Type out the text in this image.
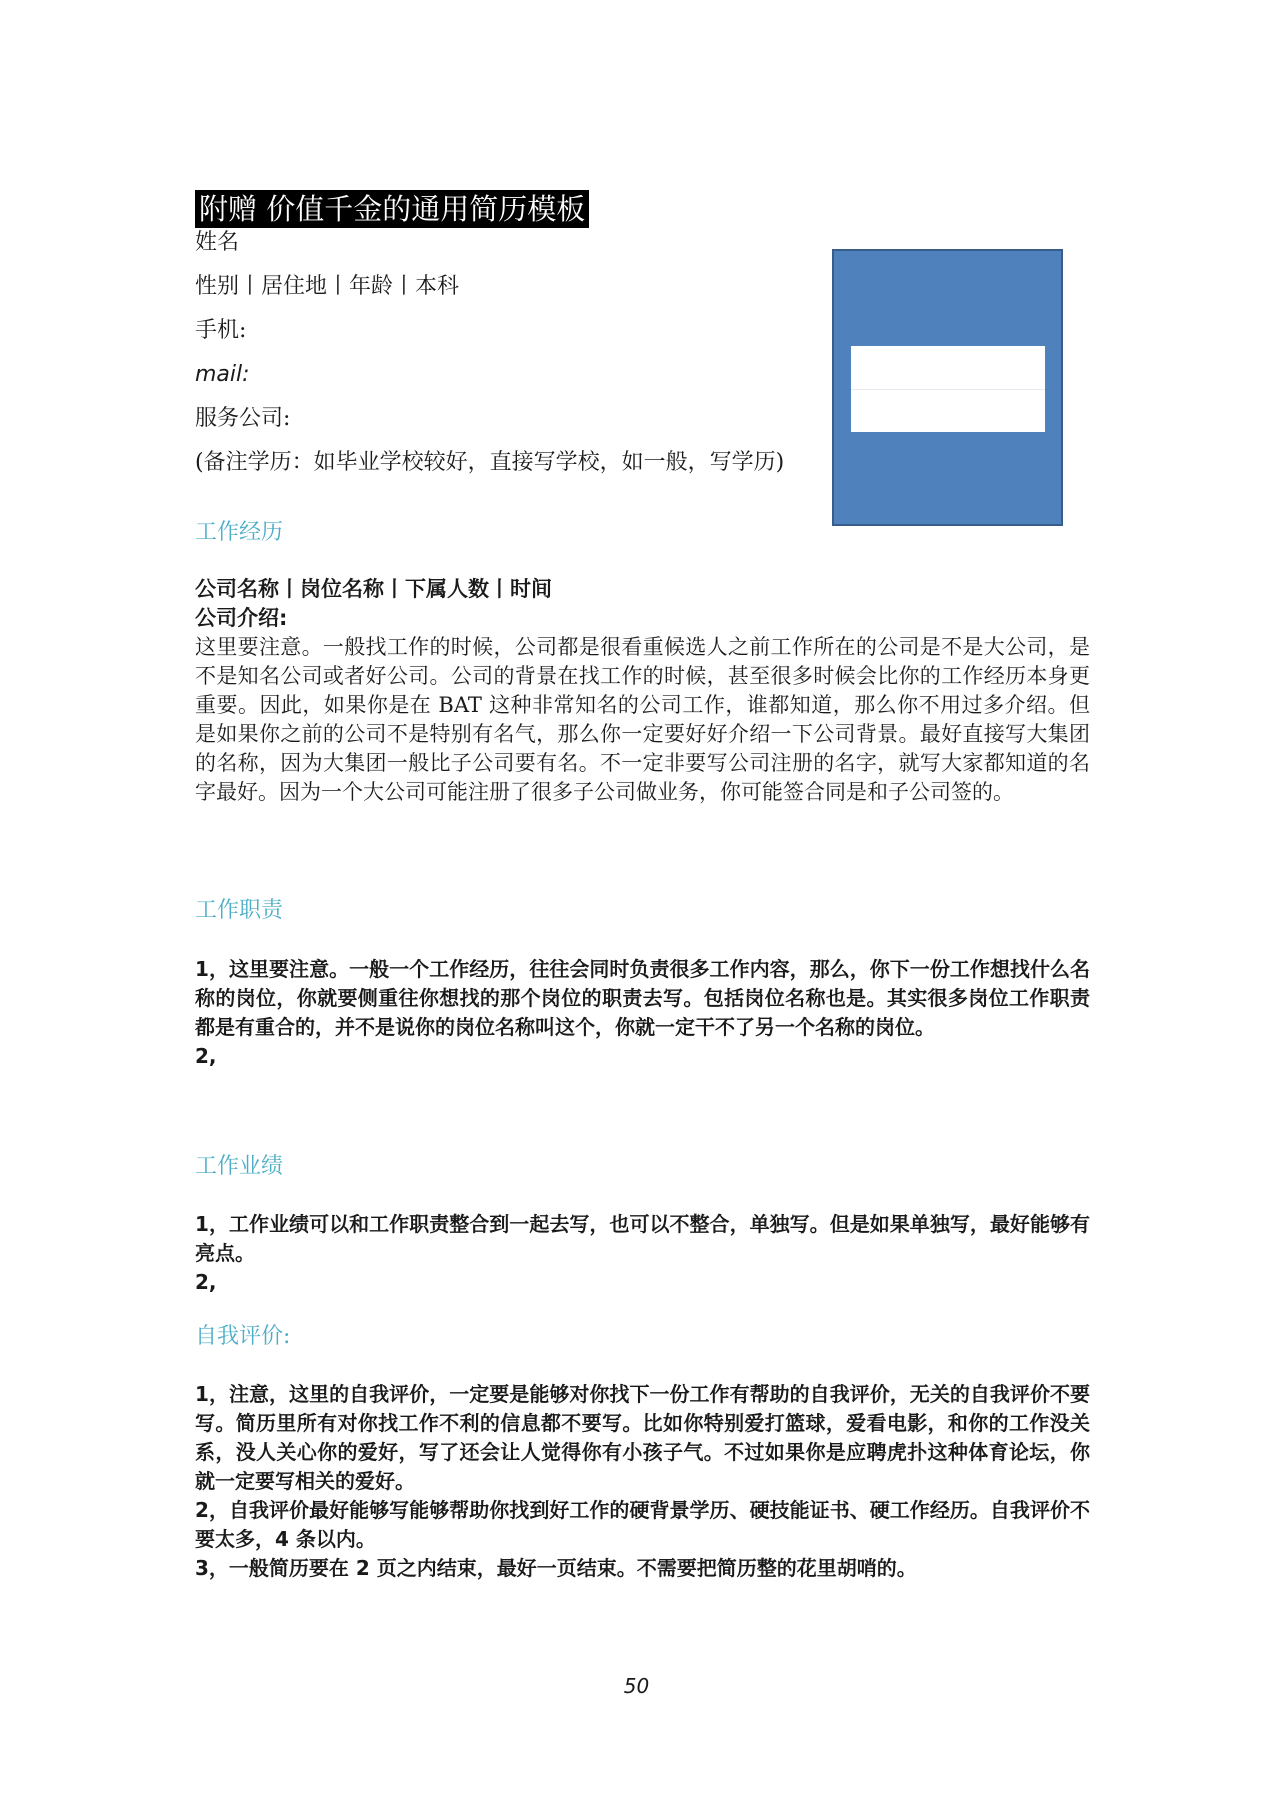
附赠 价值千金的通用简历模板
姓名
性别丨居住地丨年龄丨本科
手机:
mail:
服务公司:
(备注学历：如毕业学校较好，直接写学校，如一般，写学历)
工作经历
公司名称丨岗位名称丨下属人数丨时间
公司介绍:
这里要注意。一般找工作的时候，公司都是很看重候选人之前工作所在的公司是不是大公司，是不是知名公司或者好公司。公司的背景在找工作的时候，甚至很多时候会比你的工作经历本身更重要。因此，如果你是在 BAT 这种非常知名的公司工作，谁都知道，那么你不用过多介绍。但是如果你之前的公司不是特别有名气，那么你一定要好好介绍一下公司背景。最好直接写大集团的名称，因为大集团一般比子公司要有名。不一定非要写公司注册的名字，就写大家都知道的名字最好。因为一个大公司可能注册了很多子公司做业务，你可能签合同是和子公司签的。
工作职责

1，这里要注意。一般一个工作经历，往往会同时负责很多工作内容，那么，你下一份工作想找什么名称的岗位，你就要侧重往你想找的那个岗位的职责去写。包括岗位名称也是。其实很多岗位工作职责都是有重合的，并不是说你的岗位名称叫这个，你就一定干不了另一个名称的岗位。

2,

工作业绩

1，工作业绩可以和工作职责整合到一起去写，也可以不整合，单独写。但是如果单独写，最好能够有亮点。

2,

自我评价:

1，注意，这里的自我评价，一定要是能够对你找下一份工作有帮助的自我评价，无关的自我评价不要写。简历里所有对你找工作不利的信息都不要写。比如你特别爱打篮球，爱看电影，和你的工作没关系，没人关心你的爱好，写了还会让人觉得你有小孩子气。不过如果你是应聘虎扑这种体育论坛，你就一定要写相关的爱好。

2，自我评价最好能够写能够帮助你找到好工作的硬背景学历、硬技能证书、硬工作经历。自我评价不要太多，4 条以内。

3，一般简历要在 2 页之内结束，最好一页结束。不需要把简历整的花里胡哨的。

50
